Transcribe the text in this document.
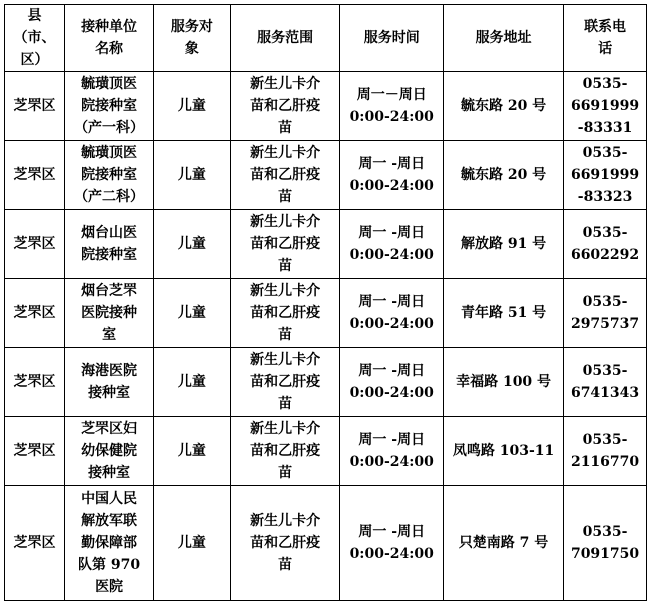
县（市、
区）	接种单位
名称	服务对
象	服务范围	服务时间	服务地址	联系电
话
芝罘区	毓璜顶医
院接种室
（产一科）	儿童	新生儿卡介
苗和乙肝疫
苗	周一－周日
0:00-24:00	毓东路 20 号	0535-
6691999
-83331
芝罘区	毓璜顶医
院接种室
（产二科）	儿童	新生儿卡介
苗和乙肝疫
苗	周一 -周日
0:00-24:00	毓东路 20 号	0535-
6691999
-83323
芝罘区	烟台山医
院接种室	儿童	新生儿卡介
苗和乙肝疫
苗	周一 -周日
0:00-24:00	解放路 91 号	0535-
6602292
芝罘区	烟台芝罘
医院接种
室	儿童	新生儿卡介
苗和乙肝疫
苗	周一 -周日
0:00-24:00	青年路 51 号	0535-
2975737
芝罘区	海港医院
接种室	儿童	新生儿卡介
苗和乙肝疫
苗	周一 -周日
0:00-24:00	幸福路 100 号	0535-
6741343
芝罘区	芝罘区妇
幼保健院
接种室	儿童	新生儿卡介
苗和乙肝疫
苗	周一 -周日
0:00-24:00	凤鸣路 103-11	0535-
2116770
芝罘区	中国人民
解放军联
勤保障部
队第 970
医院	儿童	新生儿卡介
苗和乙肝疫
苗	周一 -周日
0:00-24:00	只楚南路 7 号	0535-
7091750
